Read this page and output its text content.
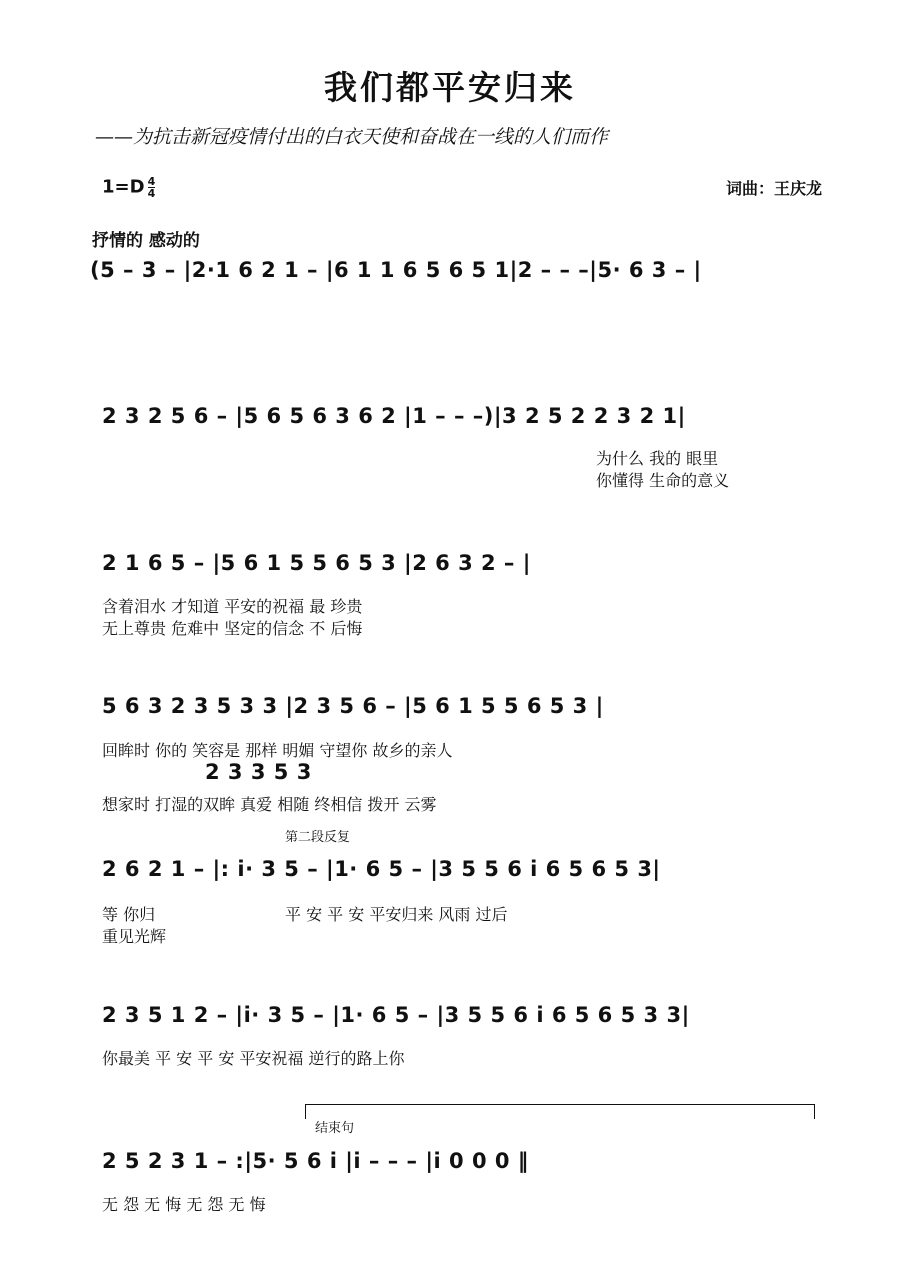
我们都平安归来
——为抗击新冠疫情付出的白衣天使和奋战在一线的人们而作
$1=D \frac{4}{4}$	词曲：王庆龙
抒情的 感动的
(5 – 3 – |2·1 6 2 1 – |6 1 1 6 5 6 5 1|2 – – –|5· 6 3 – |
2 3 2 5 6 – |5 6 5 6 3 6 2 |1 – – –)|3 2 5 2 2 3 2 1|
为什么 我的 眼里
你懂得 生命的意义
2 1 6 5 – |5 6 1 5 5 6 5 3 |2 6 3 2 – |
含着泪水 才知道 平安的祝福 最 珍贵
无上尊贵 危难中 坚定的信念 不 后悔
5 6 3 2 3 5 3 3 |2 3 5 6 – |5 6 1 5 5 6 5 3 |
回眸时 你的 笑容是 那样 明媚 守望你 故乡的亲人
2 3 3 5 3
想家时 打湿的双眸 真爱 相随 终相信 拨开 云雾
第二段反复
2 6 2 1 – |: i· 3 5 – |1· 6 5 – |3 5 5 6 i 6 5 6 5 3|
等 你归
重见光辉
平 安 平 安 平安归来 风雨 过后
2 3 5 1 2 – |i· 3 5 – |1· 6 5 – |3 5 5 6 i 6 5 6 5 3 3|
你最美 平 安 平 安 平安祝福 逆行的路上你
结束句
2 5 2 3 1 – :|5· 5 6 i |i – – – |i 0 0 0 ‖
无 怨 无 悔 无 怨 无 悔
